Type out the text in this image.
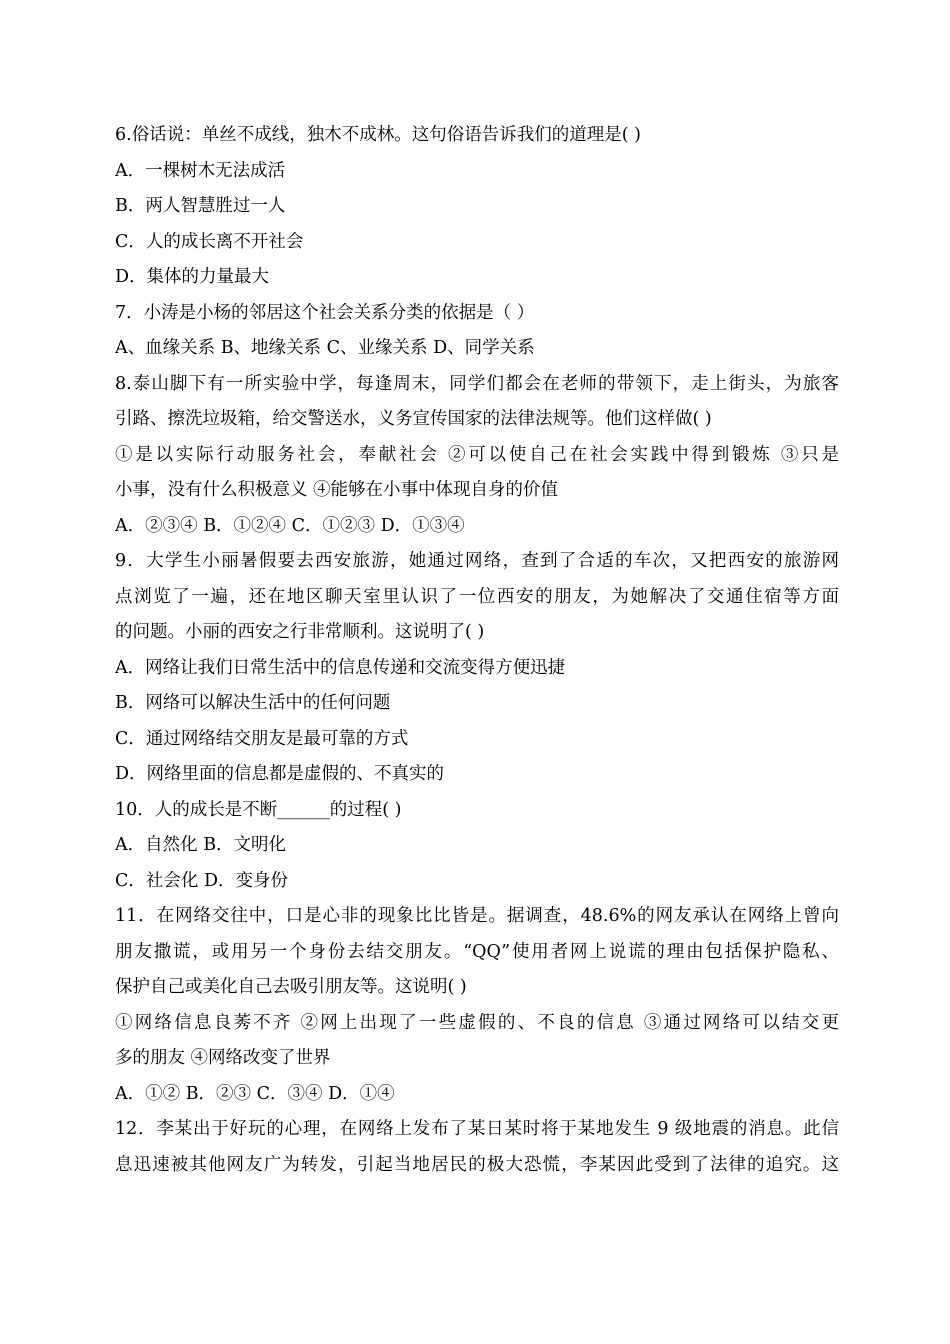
6.俗话说：单丝不成线，独木不成林。这句俗语告诉我们的道理是( )
A．一棵树木无法成活
B．两人智慧胜过一人
C．人的成长离不开社会
D．集体的力量最大
7．小涛是小杨的邻居这个社会关系分类的依据是（ ）
A、血缘关系 B、地缘关系 C、业缘关系 D、同学关系
8.泰山脚下有一所实验中学，每逢周末，同学们都会在老师的带领下，走上街头，为旅客
引路、擦洗垃圾箱，给交警送水，义务宣传国家的法律法规等。他们这样做( )
①是以实际行动服务社会，奉献社会 ②可以使自己在社会实践中得到锻炼 ③只是
小事，没有什么积极意义 ④能够在小事中体现自身的价值
A．②③④ B．①②④ C．①②③ D．①③④
9．大学生小丽暑假要去西安旅游，她通过网络，查到了合适的车次，又把西安的旅游网
点浏览了一遍，还在地区聊天室里认识了一位西安的朋友，为她解决了交通住宿等方面
的问题。小丽的西安之行非常顺利。这说明了( )
A．网络让我们日常生活中的信息传递和交流变得方便迅捷
B．网络可以解决生活中的任何问题
C．通过网络结交朋友是最可靠的方式
D．网络里面的信息都是虚假的、不真实的
10．人的成长是不断______的过程( )
A．自然化 B．文明化
C．社会化 D．变身份
11．在网络交往中，口是心非的现象比比皆是。据调查，48.6%的网友承认在网络上曾向
朋友撒谎，或用另一个身份去结交朋友。“QQ”使用者网上说谎的理由包括保护隐私、
保护自己或美化自己去吸引朋友等。这说明( )
①网络信息良莠不齐 ②网上出现了一些虚假的、不良的信息 ③通过网络可以结交更
多的朋友 ④网络改变了世界
A．①② B．②③ C．③④ D．①④
12．李某出于好玩的心理，在网络上发布了某日某时将于某地发生 9 级地震的消息。此信
息迅速被其他网友广为转发，引起当地居民的极大恐慌，李某因此受到了法律的追究。这
